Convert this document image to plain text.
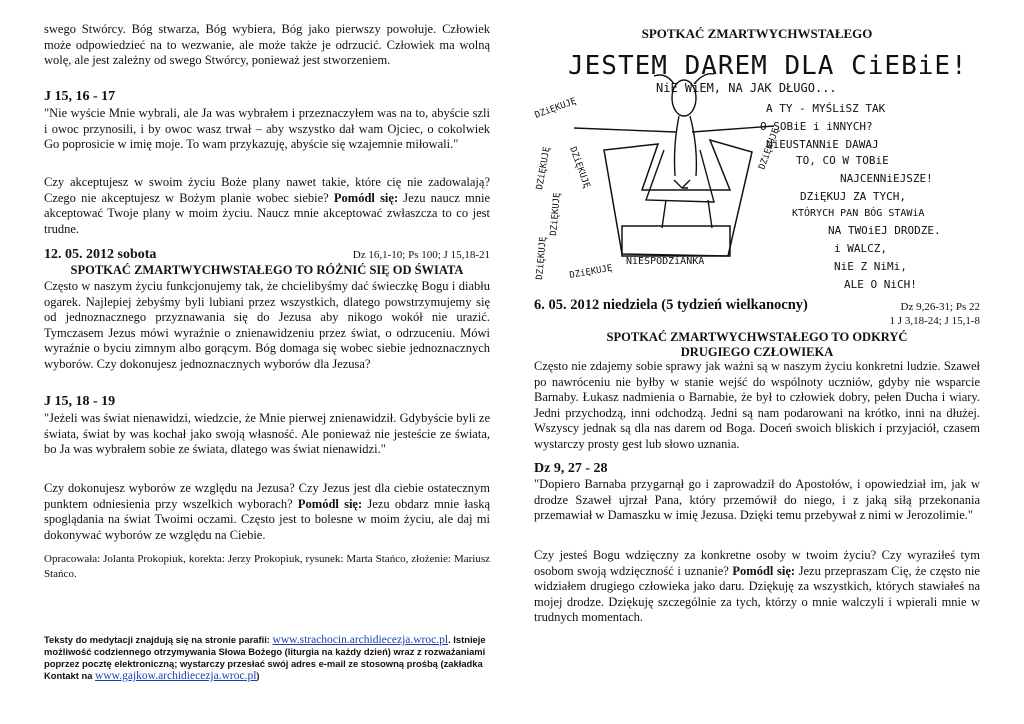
swego Stwórcy. Bóg stwarza, Bóg wybiera, Bóg jako pierwszy powołuje. Człowiek może odpowiedzieć na to wezwanie, ale może także je odrzucić. Człowiek ma wolną wolę, ale jest zależny od swego Stwórcy, ponieważ jest stworzeniem.

J 15, 16 - 17

"Nie wyście Mnie wybrali, ale Ja was wybrałem i przeznaczyłem was na to, abyście szli i owoc przynosili, i by owoc wasz trwał – aby wszystko dał wam Ojciec, o cokolwiek Go poprosicie w imię moje. To wam przykazuję, abyście się wzajemnie miłowali."

Czy akceptujesz w swoim życiu Boże plany nawet takie, które cię nie zadowalają? Czego nie akceptujesz w Bożym planie wobec siebie? Pomódl się: Jezu naucz mnie akceptować Twoje plany w moim życiu. Naucz mnie akceptować zwłaszcza to co jest trudne.

12. 05. 2012 sobota	Dz 16,1-10; Ps 100; J 15,18-21
SPOTKAĆ ZMARTWYCHWSTAŁEGO TO RÓŻNIĆ SIĘ OD ŚWIATA

Często w naszym życiu funkcjonujemy tak, że chcielibyśmy dać świeczkę Bogu i diabłu ogarek. Najlepiej żebyśmy byli lubiani przez wszystkich, dlatego powstrzymujemy się od jednoznacznego przyznawania się do Jezusa aby nikogo wokół nie urazić. Tymczasem Jezus mówi wyraźnie o znienawidzeniu przez świat, o odrzuceniu. Mówi wyraźnie o byciu zimnym albo gorącym. Bóg domaga się wobec siebie jednoznacznych wyborów. Czy dokonujesz jednoznacznych wyborów dla Jezusa?

J 15, 18 - 19

"Jeżeli was świat nienawidzi, wiedzcie, że Mnie pierwej znienawidził. Gdybyście byli ze świata, świat by was kochał jako swoją własność. Ale ponieważ nie jesteście ze świata, bo Ja was wybrałem sobie ze świata, dlatego was świat nienawidzi."

Czy dokonujesz wyborów ze względu na Jezusa? Czy Jezus jest dla ciebie ostatecznym punktem odniesienia przy wszelkich wyborach? Pomódl się: Jezu obdarz mnie łaską spoglądania na świat Twoimi oczami. Często jest to bolesne w moim życiu, ale daj mi dokonywać wyborów ze względu na Ciebie.

Opracowała: Jolanta Prokopiuk, korekta: Jerzy Prokopiuk, rysunek: Marta Stańco, złożenie: Mariusz Stańco.

Teksty do medytacji znajdują się na stronie parafii: www.strachocin.archidiecezja.wroc.pl. Istnieje możliwość codziennego otrzymywania Słowa Bożego (liturgia na każdy dzień) wraz z rozważaniami poprzez pocztę elektroniczną; wystarczy przesłać swój adres e-mail ze stosowną prośbą (zakładka Kontakt na www.gajkow.archidiecezja.wroc.pl)
SPOTKAĆ ZMARTWYCHWSTAŁEGO
6. 05. 2012 niedziela (5 tydzień wielkanocny)	Dz 9,26-31; Ps 22
1 J 3,18-24; J 15,1-8
SPOTKAĆ ZMARTWYCHWSTAŁEGO TO ODKRYĆ DRUGIEGO CZŁOWIEKA

Często nie zdajemy sobie sprawy jak ważni są w naszym życiu konkretni ludzie. Szaweł po nawróceniu nie byłby w stanie wejść do wspólnoty uczniów, gdyby nie wsparcie Barnaby. Łukasz nadmienia o Barnabie, że był to człowiek dobry, pełen Ducha i wiary. Jedni przychodzą, inni odchodzą. Jedni są nam podarowani na krótko, inni na dłużej. Wszyscy jednak są dla nas darem od Boga. Doceń swoich bliskich i przyjaciół, czasem wystarczy prosty gest lub słowo uznania.

Dz 9, 27 - 28

"Dopiero Barnaba przygarnął go i zaprowadził do Apostołów, i opowiedział im, jak w drodze Szaweł ujrzał Pana, który przemówił do niego, i z jaką siłą przekonania przemawiał w Damaszku w imię Jezusa. Dzięki temu przebywał z nimi w Jerozolimie."

Czy jesteś Bogu wdzięczny za konkretne osoby w twoim życiu? Czy wyraziłeś tym osobom swoją wdzięczność i uznanie? Pomódl się: Jezu przepraszam Cię, że często nie widziałem drugiego człowieka jako daru. Dziękuję za wszystkich, których stawiałeś na mojej drodze. Dziękuję szczególnie za tych, którzy o mnie walczyli i wpierali mnie w trudnych momentach.

JESTEM DAREM DLA CiEBiE!
NiE WiEM, NA JAK DŁUGO...
NiESPODZiANKA
DZiĘKUJĘ
DZiĘKUJĘ
DZiĘKUJĘ
DZiĘKUJĘ
DZiĘKUJĘ DZiĘKUJĘ
DZiĘKUJĘ
A TY - MYŚLiSZ TAK
O SOBiE i iNNYCH?
NiEUSTANNiE DAWAJ
TO, CO W TOBiE
NAJCENNiEJSZE!
DZiĘKUJ ZA TYCH,
KTÓRYCH PAN BÓG STAWiA
NA TWOiEJ DRODZE.
i WALCZ,
NiE Z NiMi,
ALE O NiCH!
